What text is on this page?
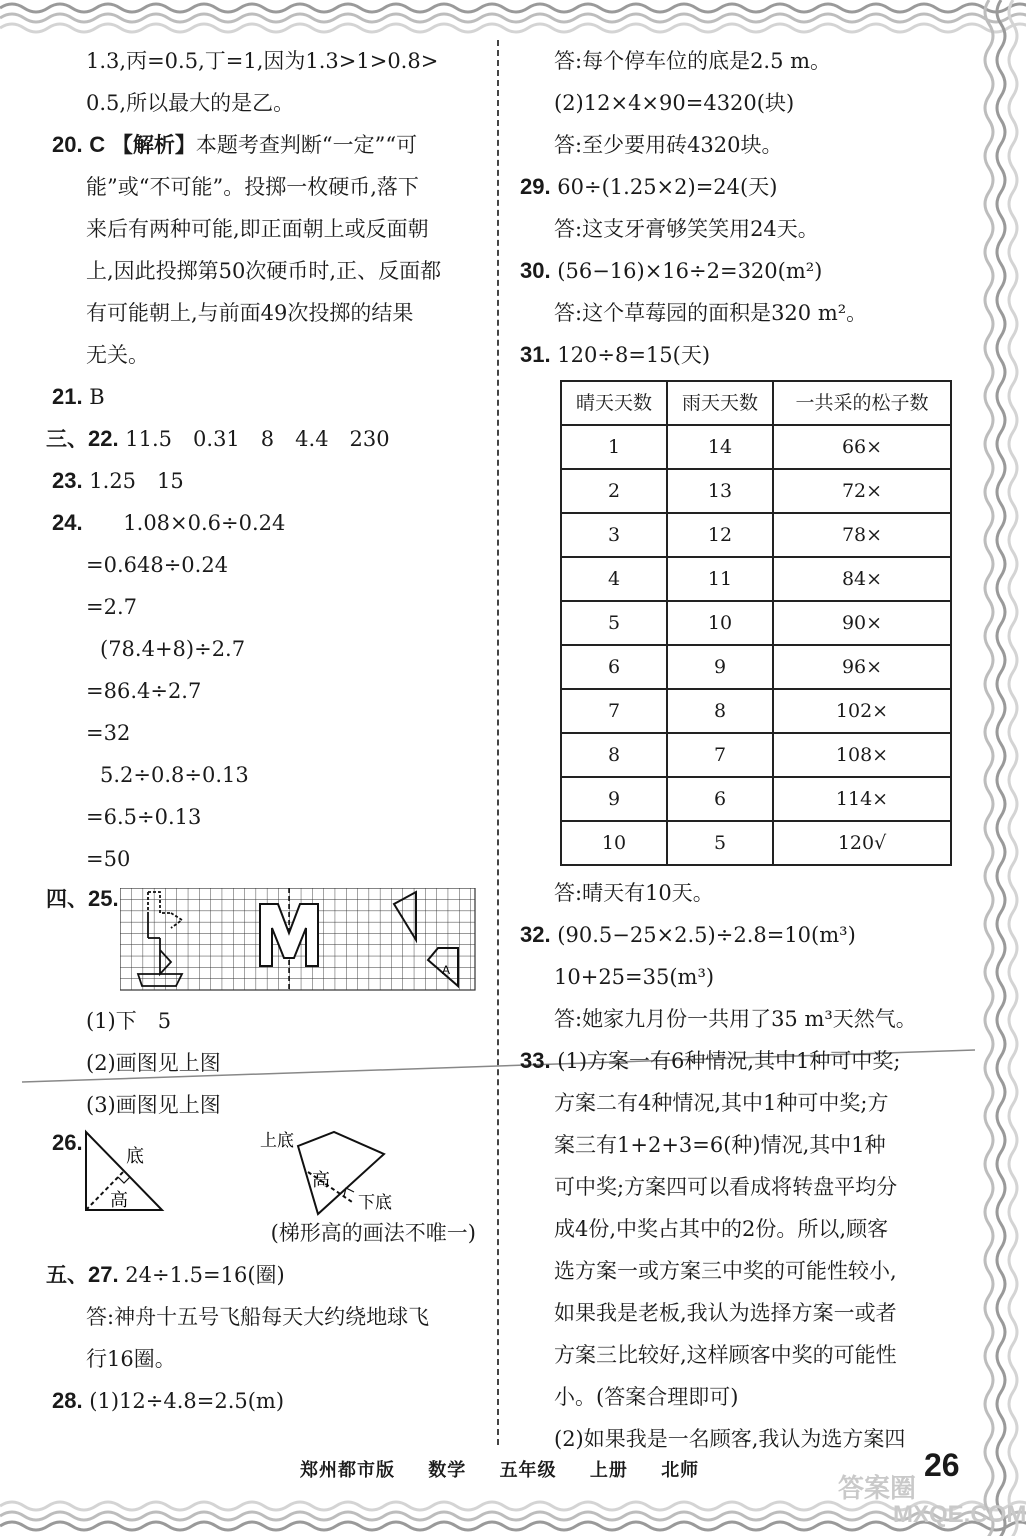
1.3,丙=0.5,丁=1,因为1.3>1>0.8>
0.5,所以最大的是乙。
20. C 【解析】本题考查判断“一定”“可
能”或“不可能”。投掷一枚硬币,落下
来后有两种可能,即正面朝上或反面朝
上,因此投掷第50次硬币时,正、反面都
有可能朝上,与前面49次投掷的结果
无关。
21. B
三、22. 11.5　0.31　8　4.4　230
23. 1.25　15
24. 1.08×0.6÷0.24
=0.648÷0.24
=2.7
(78.4+8)÷2.7
=86.4÷2.7
=32
5.2÷0.8÷0.13
=6.5÷0.13
=50
四、25.
A
(1)下　5
(2)画图见上图
(3)画图见上图
26.
底
高
上底
高
下底
(梯形高的画法不唯一)
五、27. 24÷1.5=16(圈)
答:神舟十五号飞船每天大约绕地球飞
行16圈。
28. (1)12÷4.8=2.5(m)
答:每个停车位的底是2.5 m。
(2)12×4×90=4320(块)
答:至少要用砖4320块。
29. 60÷(1.25×2)=24(天)
答:这支牙膏够笑笑用24天。
30. (56−16)×16÷2=320(m²)
答:这个草莓园的面积是320 m²。
31. 120÷8=15(天)
晴天天数	雨天天数	一共采的松子数
1	14	66×
2	13	72×
3	12	78×
4	11	84×
5	10	90×
6	9	96×
7	8	102×
8	7	108×
9	6	114×
10	5	120√
答:晴天有10天。
32. (90.5−25×2.5)÷2.8=10(m³)
10+25=35(m³)
答:她家九月份一共用了35 m³天然气。
33. (1)方案一有6种情况,其中1种可中奖;
方案二有4种情况,其中1种可中奖;方
案三有1+2+3=6(种)情况,其中1种
可中奖;方案四可以看成将转盘平均分
成4份,中奖占其中的2份。所以,顾客
选方案一或方案三中奖的可能性较小,
如果我是老板,我认为选择方案一或者
方案三比较好,这样顾客中奖的可能性
小。(答案合理即可)
(2)如果我是一名顾客,我认为选方案四
郑州都市版 数学 五年级 上册 北师
答案圈
MXQE.COM
26
